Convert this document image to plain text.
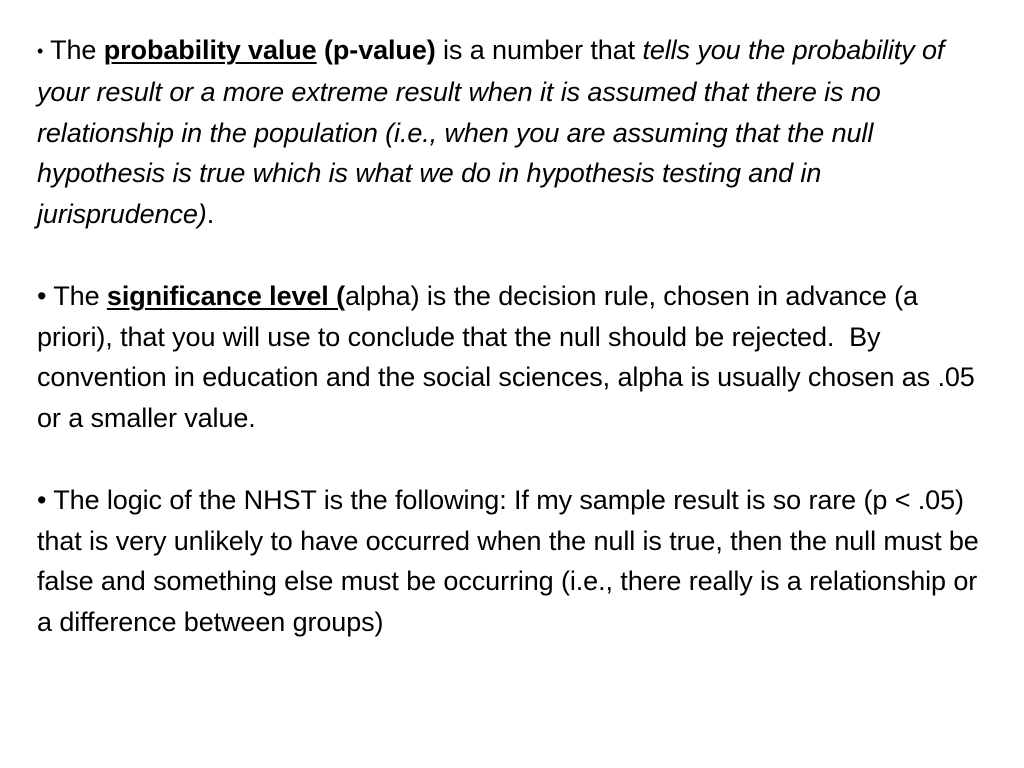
• The probability value (p-value) is a number that tells you the probability of your result or a more extreme result when it is assumed that there is no relationship in the population (i.e., when you are assuming that the null hypothesis is true which is what we do in hypothesis testing and in jurisprudence).

• The significance level (alpha) is the decision rule, chosen in advance (a priori), that you will use to conclude that the null should be rejected.  By convention in education and the social sciences, alpha is usually chosen as .05 or a smaller value.

• The logic of the NHST is the following: If my sample result is so rare (p < .05) that is very unlikely to have occurred when the null is true, then the null must be false and something else must be occurring (i.e., there really is a relationship or a difference between groups)
